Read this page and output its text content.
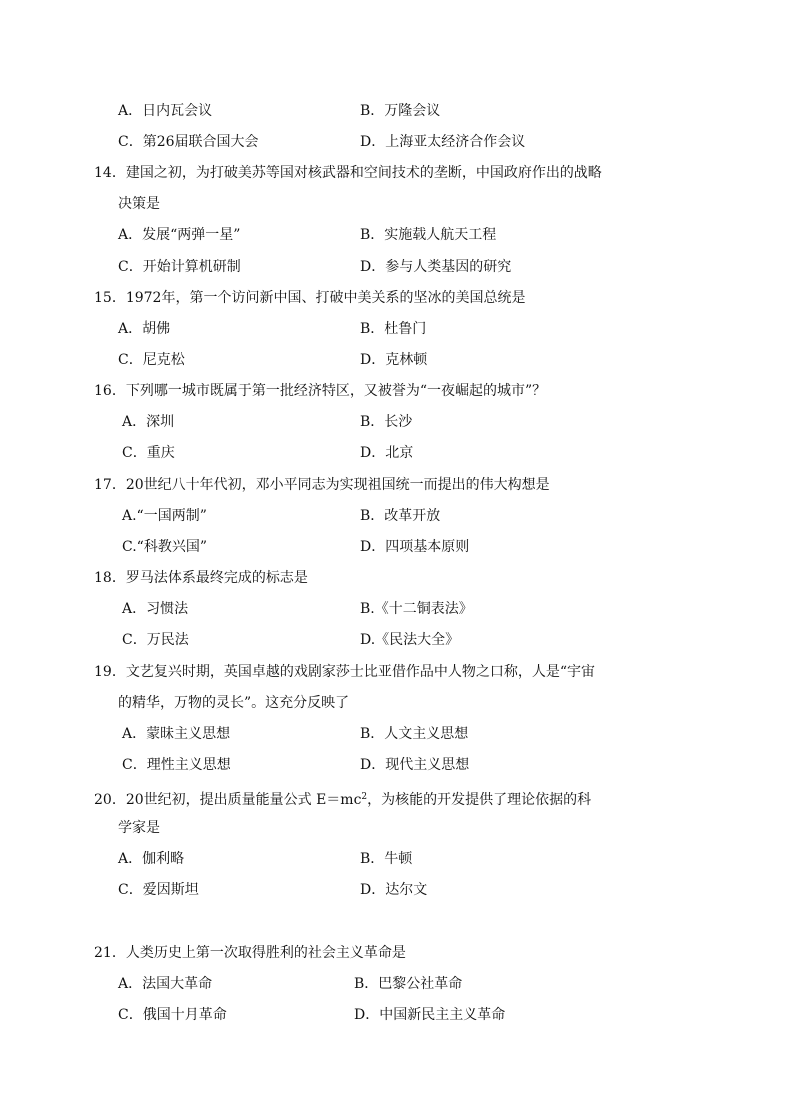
A．日内瓦会议	B．万隆会议
C．第26届联合国大会	D．上海亚太经济合作会议
14．建国之初，为打破美苏等国对核武器和空间技术的垄断，中国政府作出的战略
决策是
A．发展“两弹一星”	B．实施载人航天工程
C．开始计算机研制	D．参与人类基因的研究
15．1972年，第一个访问新中国、打破中美关系的坚冰的美国总统是
A．胡佛	B．杜鲁门
C．尼克松	D．克林顿
16．下列哪一城市既属于第一批经济特区，又被誉为“一夜崛起的城市”？
A．深圳	B．长沙
C．重庆	D．北京
17．20世纪八十年代初，邓小平同志为实现祖国统一而提出的伟大构想是
A.“一国两制”	B．改革开放
C.“科教兴国”	D．四项基本原则
18．罗马法体系最终完成的标志是
A．习惯法	B.《十二铜表法》
C．万民法	D.《民法大全》
19．文艺复兴时期，英国卓越的戏剧家莎士比亚借作品中人物之口称，人是“宇宙
的精华，万物的灵长”。这充分反映了
A．蒙昧主义思想	B．人文主义思想
C．理性主义思想	D．现代主义思想
20．20世纪初，提出质量能量公式 $E=mc^2$，为核能的开发提供了理论依据的科
学家是
A．伽利略	B．牛顿
C．爱因斯坦	D．达尔文
21．人类历史上第一次取得胜利的社会主义革命是
A．法国大革命	B．巴黎公社革命
C．俄国十月革命	D．中国新民主主义革命
